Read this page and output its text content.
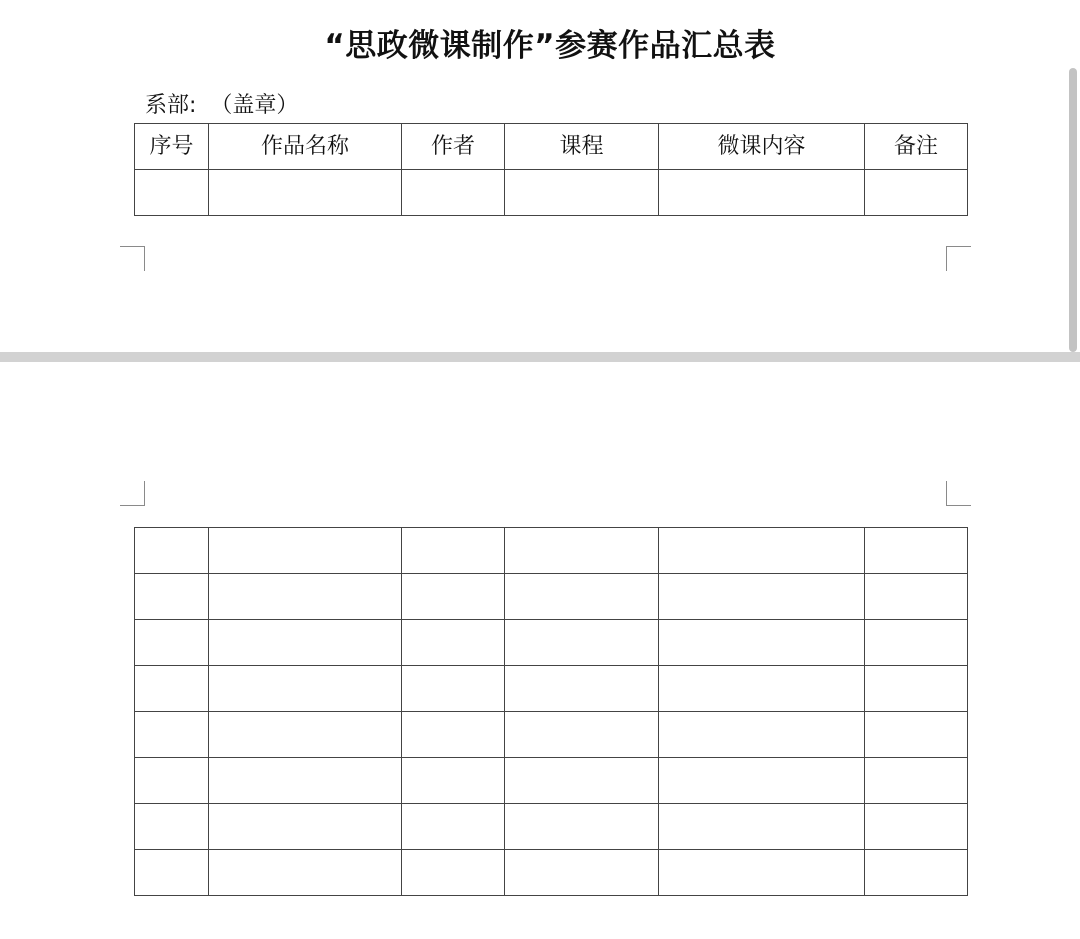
“思政微课制作”参赛作品汇总表
系部: （盖章）
序号	作品名称	作者	课程	微课内容	备注
